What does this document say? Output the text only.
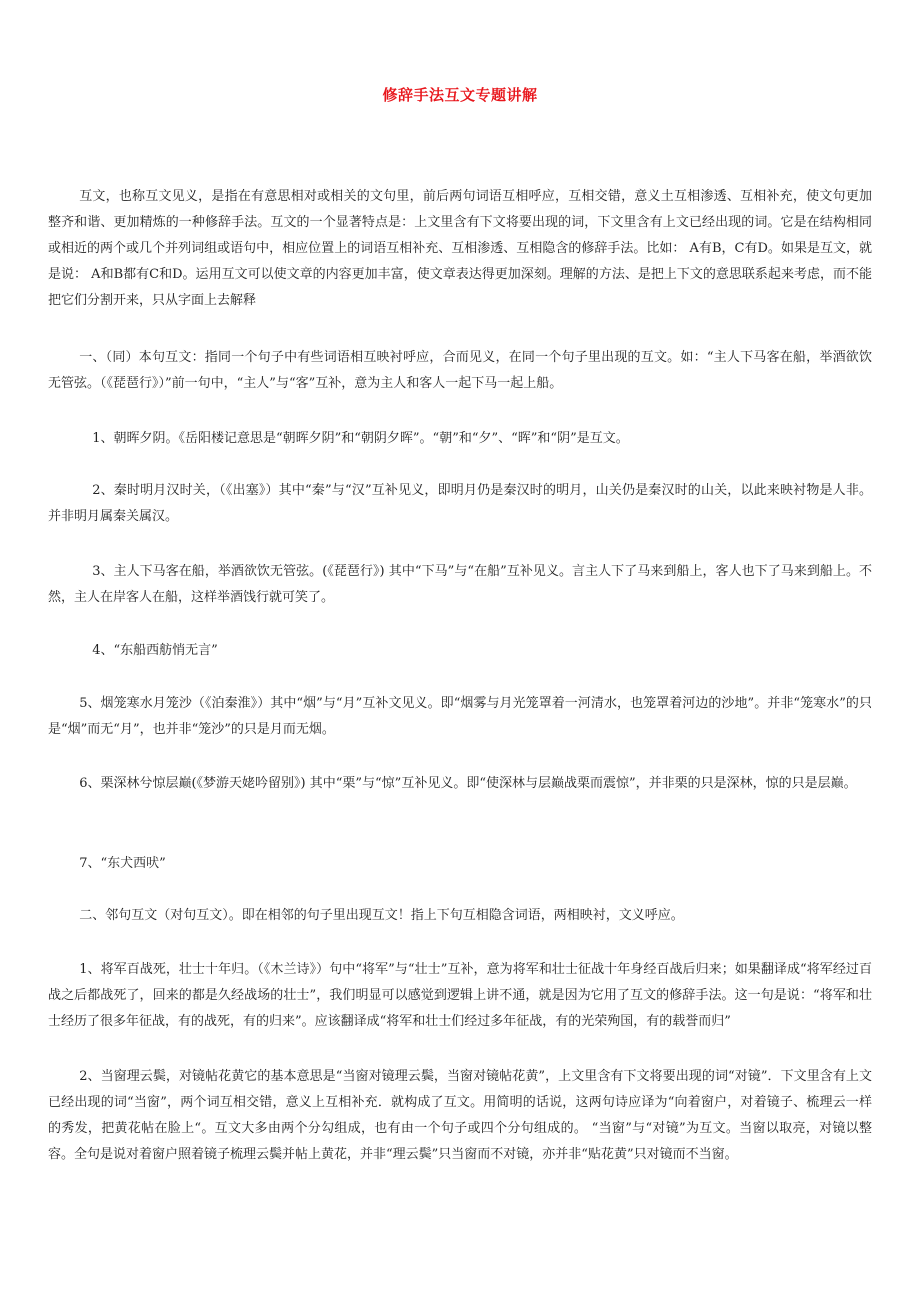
修辞手法互文专题讲解

互文，也称互文见义，是指在有意思相对或相关的文句里，前后两句词语互相呼应，互相交错，意义土互相渗透、互相补充，使文句更加整齐和谐、更加精炼的一种修辞手法。互文的一个显著特点是：上文里含有下文将要出现的词，下文里含有上文已经出现的词。它是在结构相同或相近的两个或几个并列词组或语句中，相应位置上的词语互相补充、互相渗透、互相隐含的修辞手法。比如： A有B，C有D。如果是互文，就是说： A和B都有C和D。运用互文可以使文章的内容更加丰富，使文章表达得更加深刻。理解的方法、是把上下文的意思联系起来考虑，而不能把它们分割开来，只从字面上去解释

一、（同）本句互文：指同一个句子中有些词语相互映衬呼应，合而见义，在同一个句子里出现的互文。如：“主人下马客在船，举酒欲饮无管弦。（《琵琶行》）”前一句中，“主人”与“客”互补，意为主人和客人一起下马一起上船。

1、朝晖夕阴。《岳阳楼记意思是“朝晖夕阴”和“朝阴夕晖”。“朝”和“夕”、“晖”和“阴”是互文。

2、秦时明月汉时关，（《出塞》）其中“秦”与“汉”互补见义，即明月仍是秦汉时的明月，山关仍是秦汉时的山关，以此来映衬物是人非。并非明月属秦关属汉。

3、主人下马客在船，举酒欲饮无管弦。(《琵琶行》) 其中“下马”与“在船”互补见义。言主人下了马来到船上，客人也下了马来到船上。不然，主人在岸客人在船，这样举酒饯行就可笑了。

4、“东船西舫悄无言”

5、烟笼寒水月笼沙（《泊秦淮》）其中“烟”与“月”互补文见义。即“烟雾与月光笼罩着一河清水，也笼罩着河边的沙地”。并非“笼寒水”的只是“烟”而无“月”，也并非“笼沙”的只是月而无烟。

6、栗深林兮惊层巅(《梦游天姥吟留别》) 其中“栗”与“惊”互补见义。即“使深林与层巅战栗而震惊”，并非栗的只是深林，惊的只是层巅。

7、“东犬西吠”

二、邻句互文（对句互文）。即在相邻的句子里出现互文！指上下句互相隐含词语，两相映衬，文义呼应。

1、将军百战死，壮士十年归。（《木兰诗》）句中“将军”与“壮士”互补，意为将军和壮士征战十年身经百战后归来；如果翻译成“将军经过百战之后都战死了，回来的都是久经战场的壮士”，我们明显可以感觉到逻辑上讲不通，就是因为它用了互文的修辞手法。这一句是说：“将军和壮士经历了很多年征战，有的战死，有的归来”。应该翻译成“将军和壮士们经过多年征战，有的光荣殉国，有的载誉而归”

2、当窗理云鬓，对镜帖花黄它的基本意思是“当窗对镜理云鬓，当窗对镜帖花黄”，上文里含有下文将要出现的词“对镜”．下文里含有上文已经出现的词“当窗”，两个词互相交错，意义上互相补充．就构成了互文。用简明的话说，这两句诗应译为“向着窗户，对着镜子、梳理云一样的秀发，把黄花帖在脸上“。互文大多由两个分勾组成，也有由一个句子或四个分句组成的。 “当窗”与“对镜”为互文。当窗以取亮，对镜以整容。全句是说对着窗户照着镜子梳理云鬓并帖上黄花，并非“理云鬓”只当窗而不对镜，亦并非“贴花黄”只对镜而不当窗。
